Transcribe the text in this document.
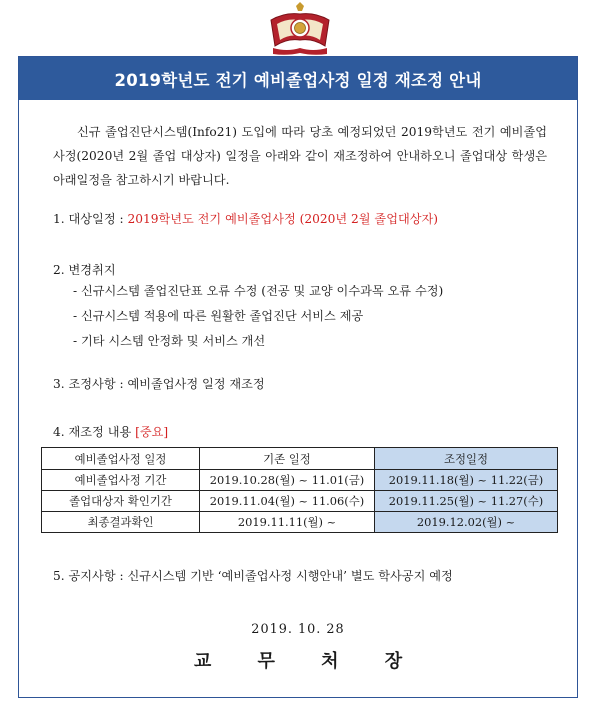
2019학년도 전기 예비졸업사정 일정 재조정 안내
신규 졸업진단시스템(Info21) 도입에 따라 당초 예정되었던 2019학년도 전기 예비졸업사정(2020년 2월 졸업 대상자) 일정을 아래와 같이 재조정하여 안내하오니 졸업대상 학생은 아래일정을 참고하시기 바랍니다.
1. 대상일정 : 2019학년도 전기 예비졸업사정 (2020년 2월 졸업대상자)
2. 변경취지
- 신규시스템 졸업진단표 오류 수정 (전공 및 교양 이수과목 오류 수정)
- 신규시스템 적용에 따른 원활한 졸업진단 서비스 제공
- 기타 시스템 안정화 및 서비스 개선
3. 조정사항 : 예비졸업사정 일정 재조정
4. 재조정 내용 [중요]
예비졸업사정 일정	기존 일정	조정일정
예비졸업사정 기간	2019.10.28(월) ~ 11.01(금)	2019.11.18(월) ~ 11.22(금)
졸업대상자 확인기간	2019.11.04(월) ~ 11.06(수)	2019.11.25(월) ~ 11.27(수)
최종결과확인	2019.11.11(월) ~	2019.12.02(월) ~
5. 공지사항 : 신규시스템 기반 ‘예비졸업사정 시행안내’ 별도 학사공지 예정
2019. 10. 28
교 무 처 장
